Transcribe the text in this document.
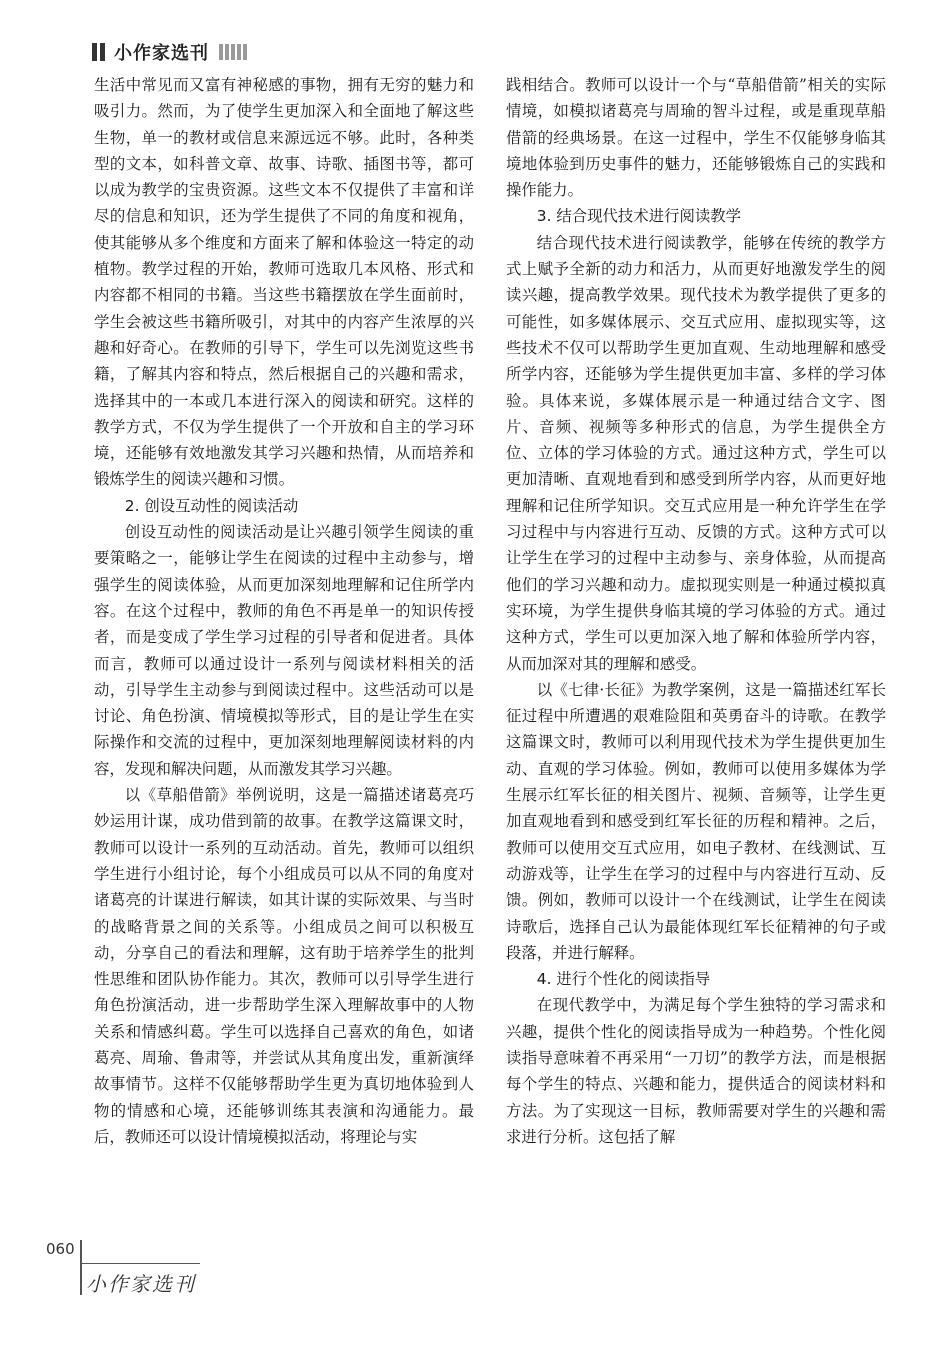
小作家选刊

生活中常见而又富有神秘感的事物，拥有无穷的魅力和吸引力。然而，为了使学生更加深入和全面地了解这些生物，单一的教材或信息来源远远不够。此时，各种类型的文本，如科普文章、故事、诗歌、插图书等，都可以成为教学的宝贵资源。这些文本不仅提供了丰富和详尽的信息和知识，还为学生提供了不同的角度和视角，使其能够从多个维度和方面来了解和体验这一特定的动植物。教学过程的开始，教师可选取几本风格、形式和内容都不相同的书籍。当这些书籍摆放在学生面前时，学生会被这些书籍所吸引，对其中的内容产生浓厚的兴趣和好奇心。在教师的引导下，学生可以先浏览这些书籍，了解其内容和特点，然后根据自己的兴趣和需求，选择其中的一本或几本进行深入的阅读和研究。这样的教学方式，不仅为学生提供了一个开放和自主的学习环境，还能够有效地激发其学习兴趣和热情，从而培养和锻炼学生的阅读兴趣和习惯。

2. 创设互动性的阅读活动

创设互动性的阅读活动是让兴趣引领学生阅读的重要策略之一，能够让学生在阅读的过程中主动参与，增强学生的阅读体验，从而更加深刻地理解和记住所学内容。在这个过程中，教师的角色不再是单一的知识传授者，而是变成了学生学习过程的引导者和促进者。具体而言，教师可以通过设计一系列与阅读材料相关的活动，引导学生主动参与到阅读过程中。这些活动可以是讨论、角色扮演、情境模拟等形式，目的是让学生在实际操作和交流的过程中，更加深刻地理解阅读材料的内容，发现和解决问题，从而激发其学习兴趣。

以《草船借箭》举例说明，这是一篇描述诸葛亮巧妙运用计谋，成功借到箭的故事。在教学这篇课文时，教师可以设计一系列的互动活动。首先，教师可以组织学生进行小组讨论，每个小组成员可以从不同的角度对诸葛亮的计谋进行解读，如其计谋的实际效果、与当时的战略背景之间的关系等。小组成员之间可以积极互动，分享自己的看法和理解，这有助于培养学生的批判性思维和团队协作能力。其次，教师可以引导学生进行角色扮演活动，进一步帮助学生深入理解故事中的人物关系和情感纠葛。学生可以选择自己喜欢的角色，如诸葛亮、周瑜、鲁肃等，并尝试从其角度出发，重新演绎故事情节。这样不仅能够帮助学生更为真切地体验到人物的情感和心境，还能够训练其表演和沟通能力。最后，教师还可以设计情境模拟活动，将理论与实

践相结合。教师可以设计一个与“草船借箭”相关的实际情境，如模拟诸葛亮与周瑜的智斗过程，或是重现草船借箭的经典场景。在这一过程中，学生不仅能够身临其境地体验到历史事件的魅力，还能够锻炼自己的实践和操作能力。

3. 结合现代技术进行阅读教学

结合现代技术进行阅读教学，能够在传统的教学方式上赋予全新的动力和活力，从而更好地激发学生的阅读兴趣，提高教学效果。现代技术为教学提供了更多的可能性，如多媒体展示、交互式应用、虚拟现实等，这些技术不仅可以帮助学生更加直观、生动地理解和感受所学内容，还能够为学生提供更加丰富、多样的学习体验。具体来说，多媒体展示是一种通过结合文字、图片、音频、视频等多种形式的信息，为学生提供全方位、立体的学习体验的方式。通过这种方式，学生可以更加清晰、直观地看到和感受到所学内容，从而更好地理解和记住所学知识。交互式应用是一种允许学生在学习过程中与内容进行互动、反馈的方式。这种方式可以让学生在学习的过程中主动参与、亲身体验，从而提高他们的学习兴趣和动力。虚拟现实则是一种通过模拟真实环境，为学生提供身临其境的学习体验的方式。通过这种方式，学生可以更加深入地了解和体验所学内容，从而加深对其的理解和感受。

以《七律·长征》为教学案例，这是一篇描述红军长征过程中所遭遇的艰难险阻和英勇奋斗的诗歌。在教学这篇课文时，教师可以利用现代技术为学生提供更加生动、直观的学习体验。例如，教师可以使用多媒体为学生展示红军长征的相关图片、视频、音频等，让学生更加直观地看到和感受到红军长征的历程和精神。之后，教师可以使用交互式应用，如电子教材、在线测试、互动游戏等，让学生在学习的过程中与内容进行互动、反馈。例如，教师可以设计一个在线测试，让学生在阅读诗歌后，选择自己认为最能体现红军长征精神的句子或段落，并进行解释。

4. 进行个性化的阅读指导

在现代教学中，为满足每个学生独特的学习需求和兴趣，提供个性化的阅读指导成为一种趋势。个性化阅读指导意味着不再采用“一刀切”的教学方法，而是根据每个学生的特点、兴趣和能力，提供适合的阅读材料和方法。为了实现这一目标，教师需要对学生的兴趣和需求进行分析。这包括了解

060
小作家选刊
